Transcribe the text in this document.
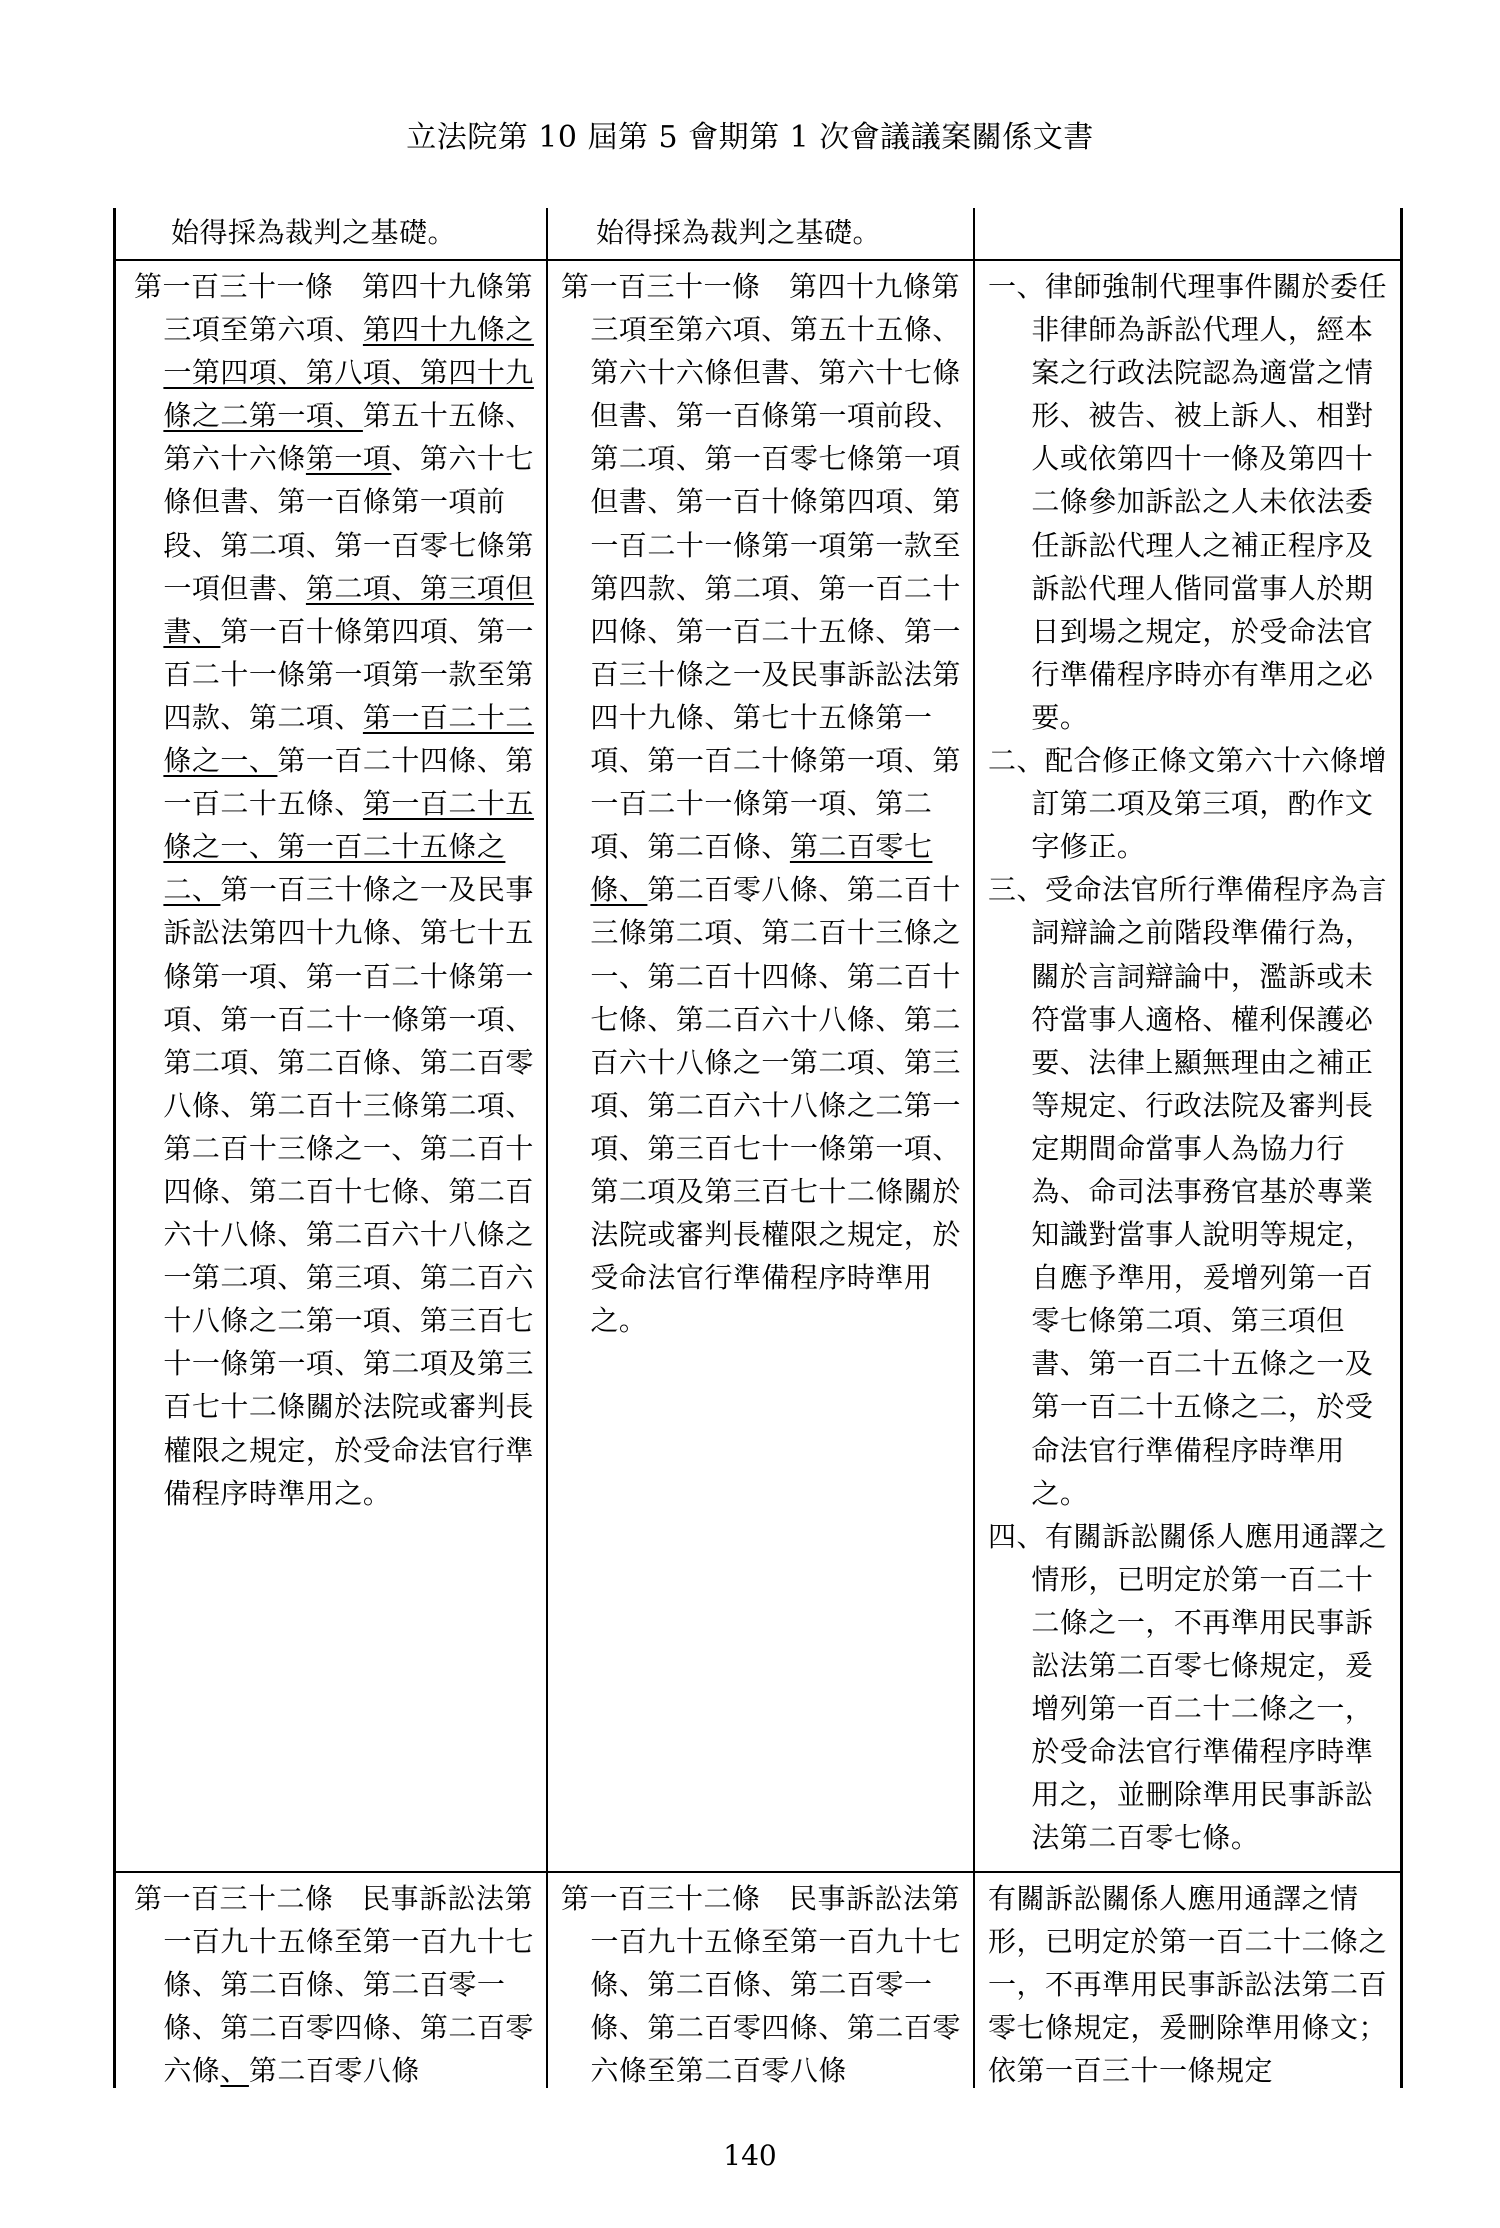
立法院第 10 屆第 5 會期第 1 次會議議案關係文書

始得採為裁判之基礎。	始得採為裁判之基礎。

第一百三十一條　第四十九條第三項至第六項、第四十九條之一第四項、第八項、第四十九條之二第一項、第五十五條、第六十六條第一項、第六十七條但書、第一百條第一項前段、第二項、第一百零七條第一項但書、第二項、第三項但書、第一百十條第四項、第一百二十一條第一項第一款至第四款、第二項、第一百二十二條之一、第一百二十四條、第一百二十五條、第一百二十五條之一、第一百二十五條之二、第一百三十條之一及民事訴訟法第四十九條、第七十五條第一項、第一百二十條第一項、第一百二十一條第一項、第二項、第二百條、第二百零八條、第二百十三條第二項、第二百十三條之一、第二百十四條、第二百十七條、第二百六十八條、第二百六十八條之一第二項、第三項、第二百六十八條之二第一項、第三百七十一條第一項、第二項及第三百七十二條關於法院或審判長權限之規定，於受命法官行準備程序時準用之。

第一百三十一條　第四十九條第三項至第六項、第五十五條、第六十六條但書、第六十七條但書、第一百條第一項前段、第二項、第一百零七條第一項但書、第一百十條第四項、第一百二十一條第一項第一款至第四款、第二項、第一百二十四條、第一百二十五條、第一百三十條之一及民事訴訟法第四十九條、第七十五條第一項、第一百二十條第一項、第一百二十一條第一項、第二項、第二百條、第二百零七條、第二百零八條、第二百十三條第二項、第二百十三條之一、第二百十四條、第二百十七條、第二百六十八條、第二百六十八條之一第二項、第三項、第二百六十八條之二第一項、第三百七十一條第一項、第二項及第三百七十二條關於法院或審判長權限之規定，於受命法官行準備程序時準用之。

一、律師強制代理事件關於委任非律師為訴訟代理人，經本案之行政法院認為適當之情形、被告、被上訴人、相對人或依第四十一條及第四十二條參加訴訟之人未依法委任訴訟代理人之補正程序及訴訟代理人偕同當事人於期日到場之規定，於受命法官行準備程序時亦有準用之必要。

二、配合修正條文第六十六條增訂第二項及第三項，酌作文字修正。

三、受命法官所行準備程序為言詞辯論之前階段準備行為，關於言詞辯論中，濫訴或未符當事人適格、權利保護必要、法律上顯無理由之補正等規定、行政法院及審判長定期間命當事人為協力行為、命司法事務官基於專業知識對當事人說明等規定，自應予準用，爰增列第一百零七條第二項、第三項但書、第一百二十五條之一及第一百二十五條之二，於受命法官行準備程序時準用之。

四、有關訴訟關係人應用通譯之情形，已明定於第一百二十二條之一，不再準用民事訴訟法第二百零七條規定，爰增列第一百二十二條之一，於受命法官行準備程序時準用之，並刪除準用民事訴訟法第二百零七條。

第一百三十二條　民事訴訟法第一百九十五條至第一百九十七條、第二百條、第二百零一條、第二百零四條、第二百零六條、第二百零八條

第一百三十二條　民事訴訟法第一百九十五條至第一百九十七條、第二百條、第二百零一條、第二百零四條、第二百零六條至第二百零八條

有關訴訟關係人應用通譯之情形，已明定於第一百二十二條之一，不再準用民事訴訟法第二百零七條規定，爰刪除準用條文；依第一百三十一條規定

140
